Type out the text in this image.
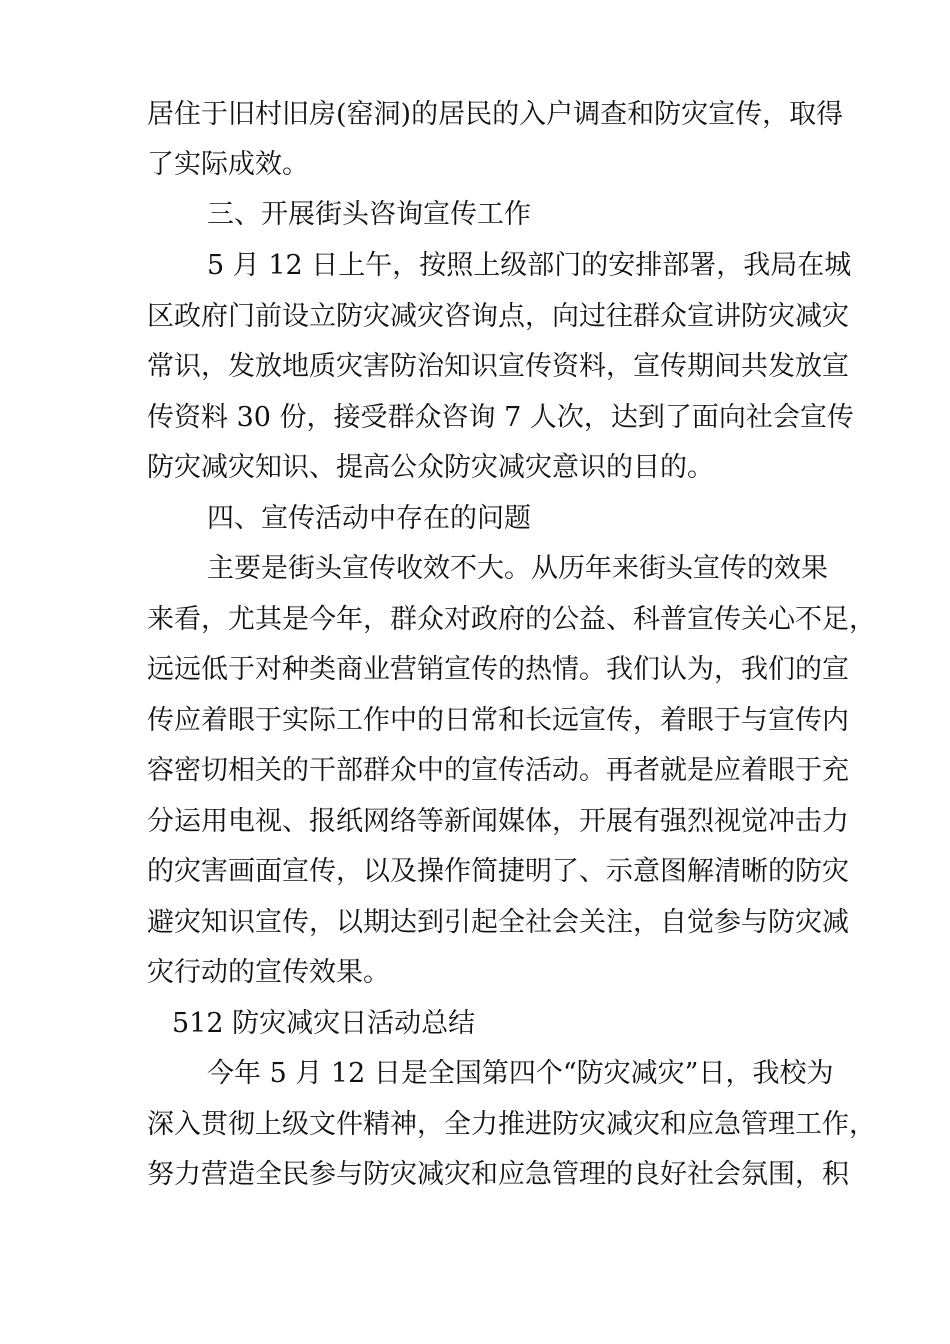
居住于旧村旧房(窑洞)的居民的入户调查和防灾宣传，取得
了实际成效。
三、开展街头咨询宣传工作
5 月 12 日上午，按照上级部门的安排部署，我局在城
区政府门前设立防灾减灾咨询点，向过往群众宣讲防灾减灾
常识，发放地质灾害防治知识宣传资料，宣传期间共发放宣
传资料 30 份，接受群众咨询 7 人次，达到了面向社会宣传
防灾减灾知识、提高公众防灾减灾意识的目的。
四、宣传活动中存在的问题
主要是街头宣传收效不大。从历年来街头宣传的效果
来看，尤其是今年，群众对政府的公益、科普宣传关心不足，
远远低于对种类商业营销宣传的热情。我们认为，我们的宣
传应着眼于实际工作中的日常和长远宣传，着眼于与宣传内
容密切相关的干部群众中的宣传活动。再者就是应着眼于充
分运用电视、报纸网络等新闻媒体，开展有强烈视觉冲击力
的灾害画面宣传，以及操作简捷明了、示意图解清晰的防灾
避灾知识宣传，以期达到引起全社会关注，自觉参与防灾减
灾行动的宣传效果。
512 防灾减灾日活动总结
今年 5 月 12 日是全国第四个“防灾减灾”日，我校为
深入贯彻上级文件精神，全力推进防灾减灾和应急管理工作，
努力营造全民参与防灾减灾和应急管理的良好社会氛围，积
